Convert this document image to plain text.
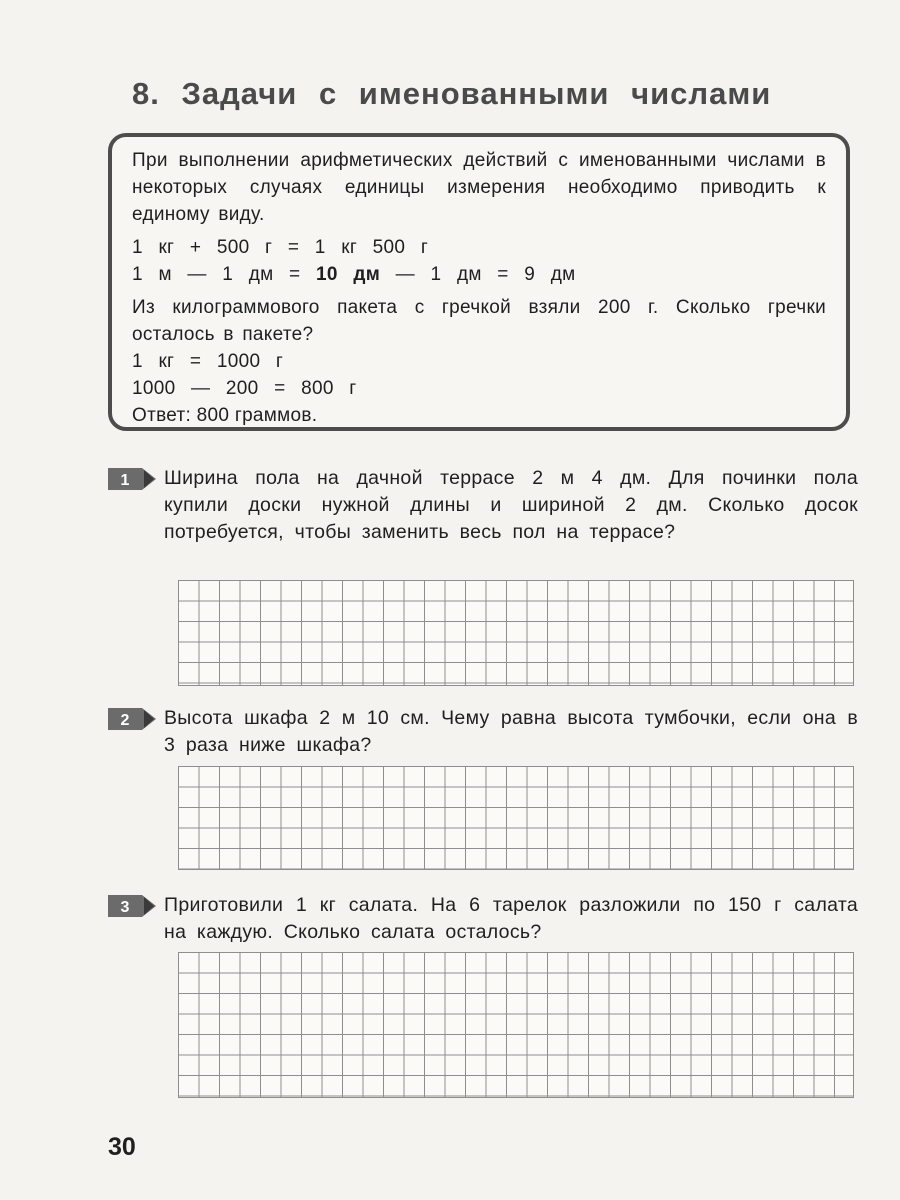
8. Задачи с именованными числами

При выполнении арифметических действий с именованными числами в некоторых случаях единицы измерения необходимо приводить к единому виду.

1 кг + 500 г = 1 кг 500 г

1 м — 1 дм = 10 дм — 1 дм = 9 дм

Из килограммового пакета с гречкой взяли 200 г. Сколько гречки осталось в пакете?

1 кг = 1000 г

1000 — 200 = 800 г

Ответ: 800 граммов.

1 Ширина пола на дачной террасе 2 м 4 дм. Для починки пола купили доски нужной длины и шириной 2 дм. Сколько досок потребуется, чтобы заменить весь пол на террасе?

2 Высота шкафа 2 м 10 см. Чему равна высота тумбочки, если она в 3 раза ниже шкафа?

3 Приготовили 1 кг салата. На 6 тарелок разложили по 150 г салата на каждую. Сколько салата осталось?

30
